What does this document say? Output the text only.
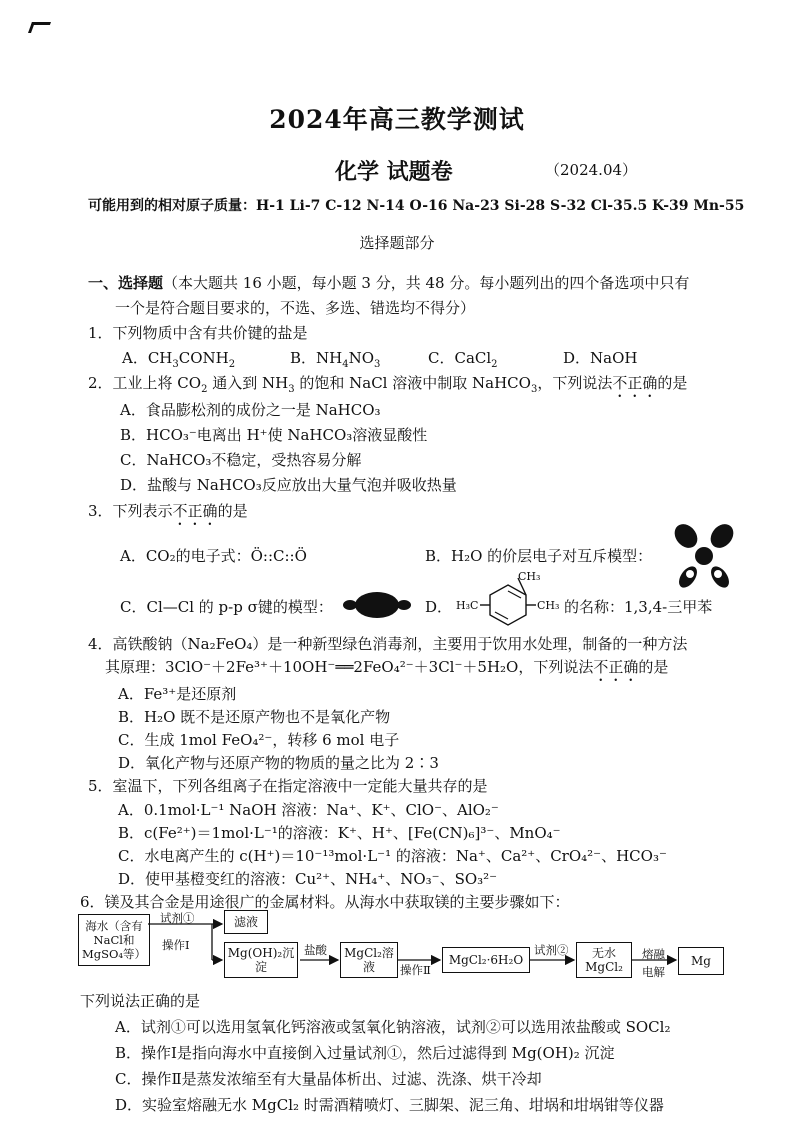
2024年高三教学测试
化学 试题卷	（2024.04）
可能用到的相对原子质量：H-1 Li-7 C-12 N-14 O-16 Na-23 Si-28 S-32 Cl-35.5 K-39 Mn-55
选择题部分
一、选择题（本大题共 16 小题，每小题 3 分，共 48 分。每小题列出的四个备选项中只有
一个是符合题目要求的，不选、多选、错选均不得分）
1．下列物质中含有共价键的盐是
A．$CH_3CONH_2$	B．$NH_4NO_3$	C．CaCl$_2$	D．NaOH
2．工业上将 $CO_2$ 通入到 $NH_3$ 的饱和 NaCl 溶液中制取 NaHCO$_3$，下列说法不正确的是
A．食品膨松剂的成份之一是 NaHCO₃
B．HCO₃⁻电离出 H⁺使 NaHCO₃溶液显酸性
C．NaHCO₃不稳定，受热容易分解
D．盐酸与 NaHCO₃反应放出大量气泡并吸收热量
3．下列表示不正确的是
A．CO₂的电子式：Ö::C::Ö	B．H₂O 的价层电子对互斥模型：
C．Cl—Cl 的 p-p σ键的模型：	D．
CH₃
H₃C	CH₃ 的名称：1,3,4-三甲苯
4．高铁酸钠（Na₂FeO₄）是一种新型绿色消毒剂，主要用于饮用水处理，制备的一种方法
其原理：3ClO⁻＋2Fe³⁺＋10OH⁻══2FeO₄²⁻＋3Cl⁻＋5H₂O，下列说法不正确的是
A．Fe³⁺是还原剂
B．H₂O 既不是还原产物也不是氧化产物
C．生成 1mol FeO₄²⁻，转移 6 mol 电子
D．氧化产物与还原产物的物质的量之比为 2∶3
5．室温下，下列各组离子在指定溶液中一定能大量共存的是
A．0.1mol·L⁻¹ NaOH 溶液：Na⁺、K⁺、ClO⁻、AlO₂⁻
B．c(Fe²⁺)＝1mol·L⁻¹的溶液：K⁺、H⁺、[Fe(CN)₆]³⁻、MnO₄⁻
C．水电离产生的 c(H⁺)＝10⁻¹³mol·L⁻¹ 的溶液：Na⁺、Ca²⁺、CrO₄²⁻、HCO₃⁻
D．使甲基橙变红的溶液：Cu²⁺、NH₄⁺、NO₃⁻、SO₃²⁻
6．镁及其合金是用途很广的金属材料。从海水中获取镁的主要步骤如下：
海水（含有NaCl和MgSO₄等）
试剂①
操作Ⅰ
滤液
Mg(OH)₂沉淀
盐酸	MgCl₂溶液	操作Ⅱ
MgCl₂·6H₂O
试剂②	无水MgCl₂
熔融
电解
Mg
下列说法正确的是
A．试剂①可以选用氢氧化钙溶液或氢氧化钠溶液，试剂②可以选用浓盐酸或 SOCl₂
B．操作Ⅰ是指向海水中直接倒入过量试剂①，然后过滤得到 Mg(OH)₂ 沉淀
C．操作Ⅱ是蒸发浓缩至有大量晶体析出、过滤、洗涤、烘干冷却
D．实验室熔融无水 MgCl₂ 时需酒精喷灯、三脚架、泥三角、坩埚和坩埚钳等仪器
